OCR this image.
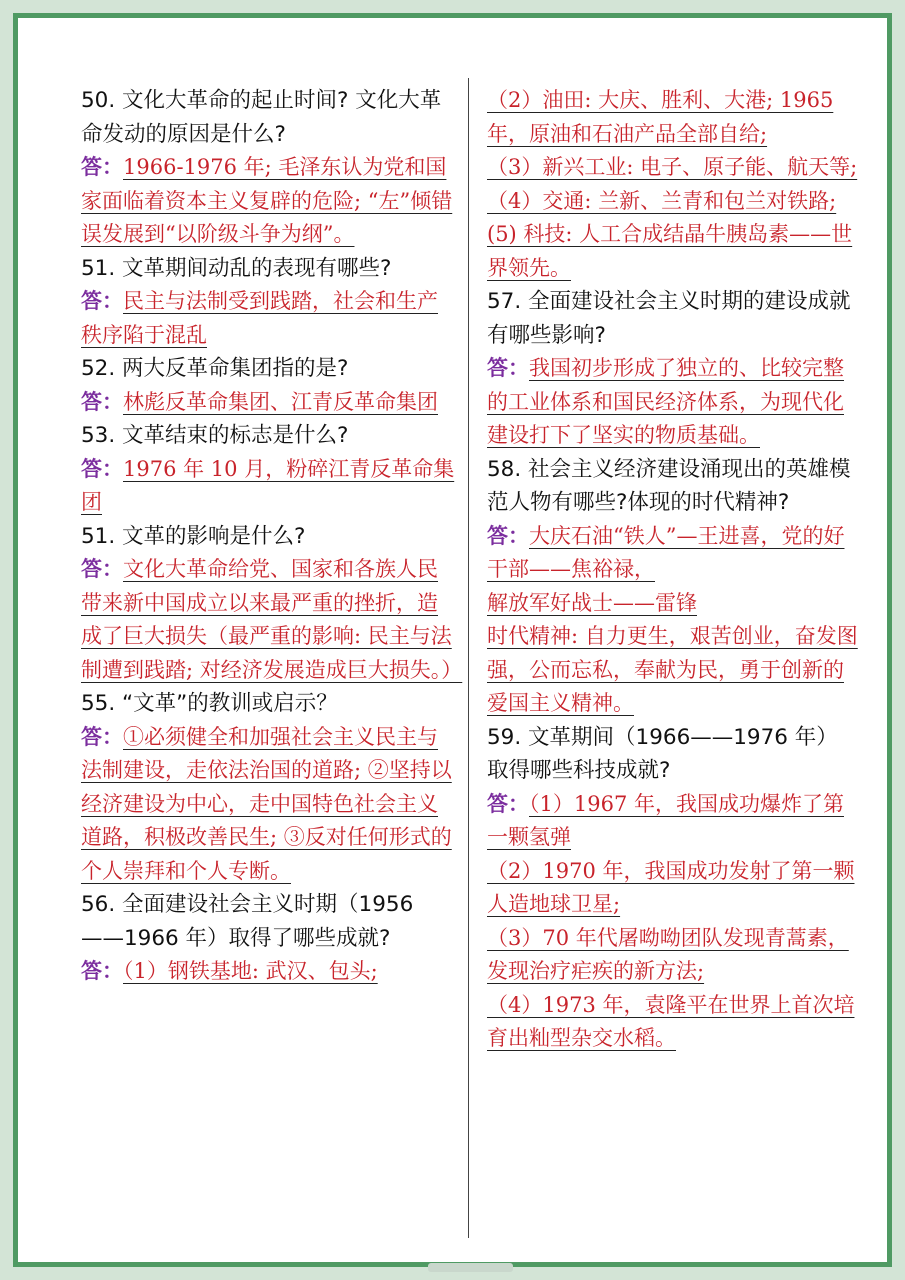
50. 文化大革命的起止时间? 文化大革命发动的原因是什么?

答：1966-1976 年; 毛泽东认为党和国家面临着资本主义复辟的危险; “左”倾错误发展到“以阶级斗争为纲”。

51. 文革期间动乱的表现有哪些?

答：民主与法制受到践踏，社会和生产秩序陷于混乱

52. 两大反革命集团指的是?

答：林彪反革命集团、江青反革命集团

53. 文革结束的标志是什么?

答：1976 年 10 月，粉碎江青反革命集团

51. 文革的影响是什么?

答：文化大革命给党、国家和各族人民带来新中国成立以来最严重的挫折，造成了巨大损失（最严重的影响: 民主与法制遭到践踏; 对经济发展造成巨大损失。）

55. “文革”的教训或启示？

答：①必须健全和加强社会主义民主与法制建设，走依法治国的道路; ②坚持以经济建设为中心，走中国特色社会主义道路，积极改善民生; ③反对任何形式的个人崇拜和个人专断。

56. 全面建设社会主义时期（1956——1966 年）取得了哪些成就?

答：（1）钢铁基地: 武汉、包头;

（2）油田: 大庆、胜利、大港; 1965 年，原油和石油产品全部自给;

（3）新兴工业: 电子、原子能、航天等;

（4）交通: 兰新、兰青和包兰对铁路; (5) 科技: 人工合成结晶牛胰岛素——世界领先。

57. 全面建设社会主义时期的建设成就有哪些影响?

答：我国初步形成了独立的、比较完整的工业体系和国民经济体系，为现代化建设打下了坚实的物质基础。

58. 社会主义经济建设涌现出的英雄模范人物有哪些?体现的时代精神?

答：大庆石油“铁人”—王进喜，党的好干部——焦裕禄，

解放军好战士——雷锋

时代精神: 自力更生，艰苦创业，奋发图强，公而忘私，奉献为民，勇于创新的爱国主义精神。

59. 文革期间（1966——1976 年）取得哪些科技成就?

答：（1）1967 年，我国成功爆炸了第一颗氢弹

（2）1970 年，我国成功发射了第一颗人造地球卫星;

（3）70 年代屠呦呦团队发现青蒿素，发现治疗疟疾的新方法;

（4）1973 年，袁隆平在世界上首次培育出籼型杂交水稻。
